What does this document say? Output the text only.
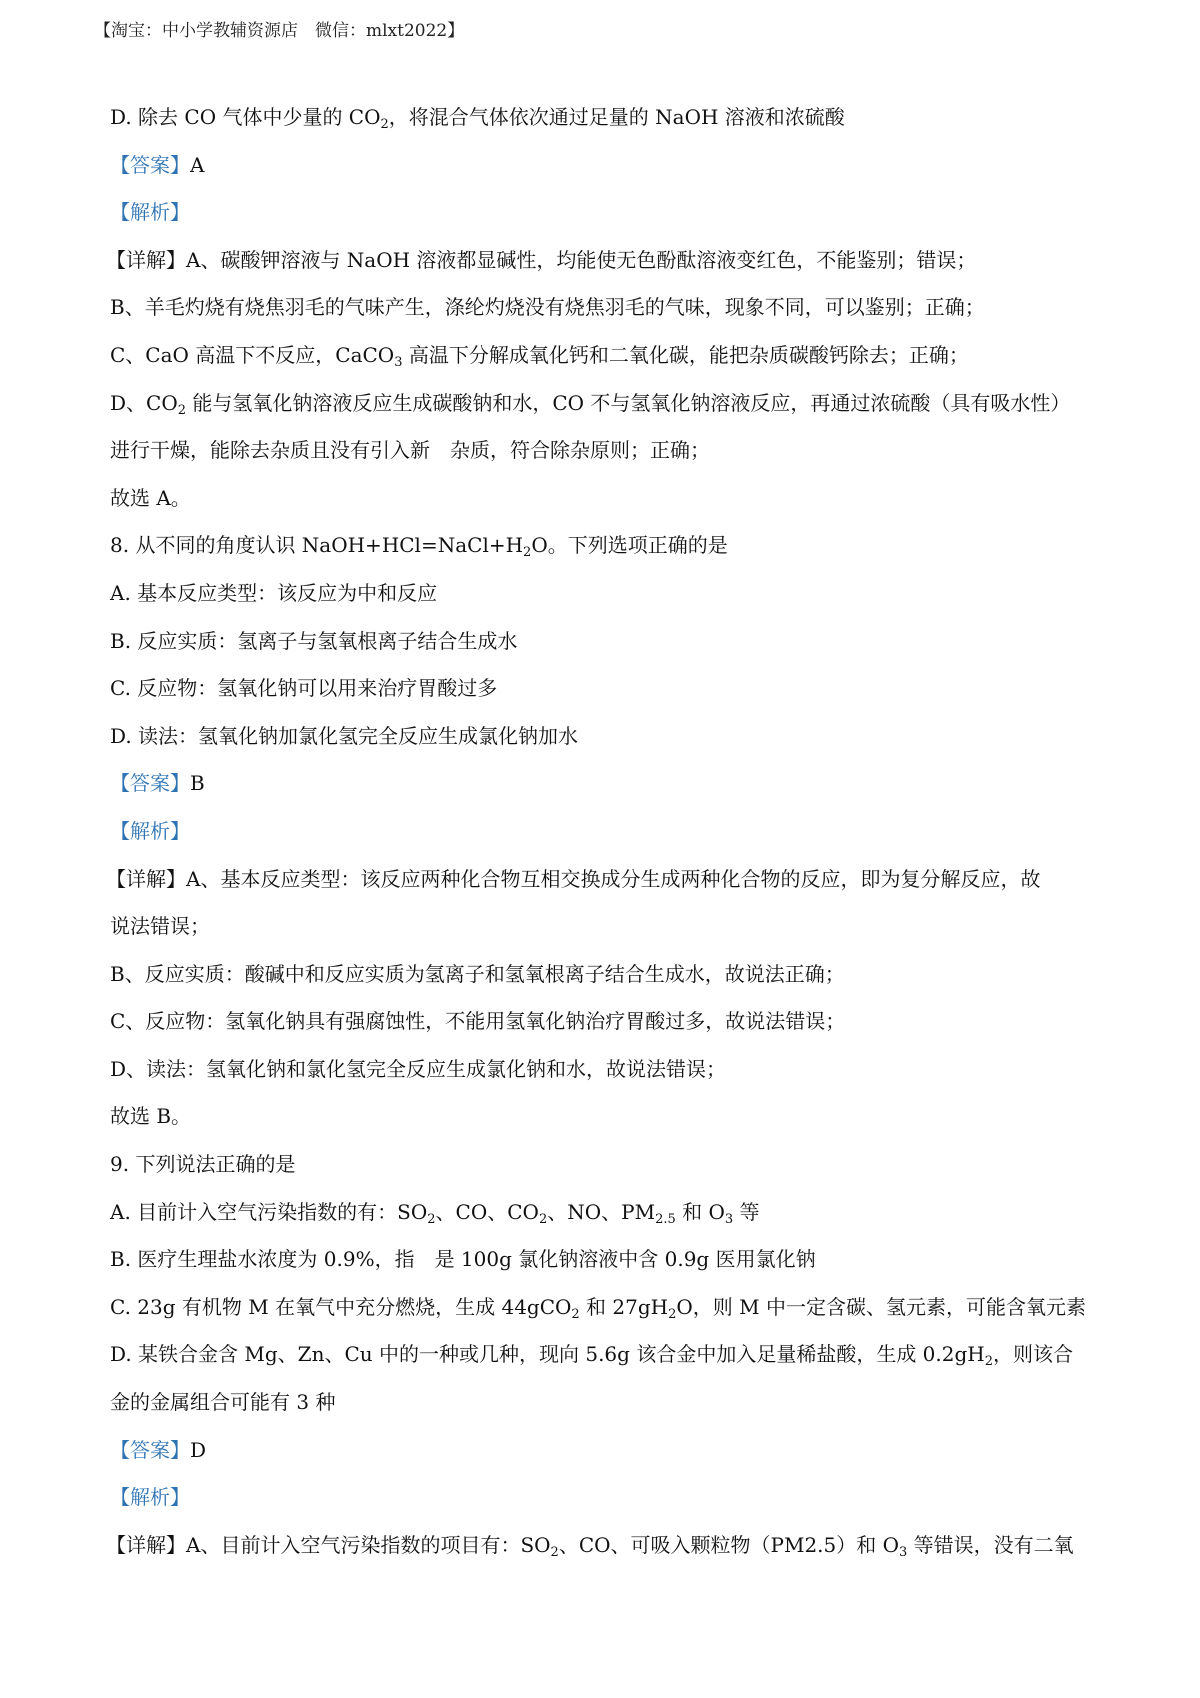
【淘宝：中小学教辅资源店　微信：mlxt2022】
D. 除去 CO 气体中少量的 $CO_2$，将混合气体依次通过足量的 NaOH 溶液和浓硫酸
【答案】A
【解析】
【详解】A、碳酸钾溶液与 NaOH 溶液都显碱性，均能使无色酚酞溶液变红色，不能鉴别；错误；
B、羊毛灼烧有烧焦羽毛的气味产生，涤纶灼烧没有烧焦羽毛的气味，现象不同，可以鉴别；正确；
C、CaO 高温下不反应，CaCO$_3$ 高温下分解成氧化钙和二氧化碳，能把杂质碳酸钙除去；正确；
D、$CO_2$ 能与氢氧化钠溶液反应生成碳酸钠和水，CO 不与氢氧化钠溶液反应，再通过浓硫酸（具有吸水性）
进行干燥，能除去杂质且没有引入新　杂质，符合除杂原则；正确；
故选 A。
8. 从不同的角度认识 $NaOH+HCl=NaCl+H_2O$。下列选项正确的是
A. 基本反应类型：该反应为中和反应
B. 反应实质：氢离子与氢氧根离子结合生成水
C. 反应物：氢氧化钠可以用来治疗胃酸过多
D. 读法：氢氧化钠加氯化氢完全反应生成氯化钠加水
【答案】B
【解析】
【详解】A、基本反应类型：该反应两种化合物互相交换成分生成两种化合物的反应，即为复分解反应，故
说法错误；
B、反应实质：酸碱中和反应实质为氢离子和氢氧根离子结合生成水，故说法正确；
C、反应物：氢氧化钠具有强腐蚀性，不能用氢氧化钠治疗胃酸过多，故说法错误；
D、读法：氢氧化钠和氯化氢完全反应生成氯化钠和水，故说法错误；
故选 B。
9. 下列说法正确的是
A. 目前计入空气污染指数的有：$SO_2$、CO、$CO_2$、NO、$PM_{2.5}$ 和 $O_3$ 等
B. 医疗生理盐水浓度为 0.9%，指　是 100g 氯化钠溶液中含 0.9g 医用氯化钠
C. 23g 有机物 M 在氧气中充分燃烧，生成 44gCO$_2$ 和 $27gH_2O$，则 M 中一定含碳、氢元素，可能含氧元素
D. 某铁合金含 Mg、Zn、Cu 中的一种或几种，现向 5.6g 该合金中加入足量稀盐酸，生成 $0.2gH_2$，则该合
金的金属组合可能有 3 种
【答案】D
【解析】
【详解】A、目前计入空气污染指数的项目有：$SO_2$、CO、可吸入颗粒物（PM2.5）和 $O_3$ 等错误，没有二氧
